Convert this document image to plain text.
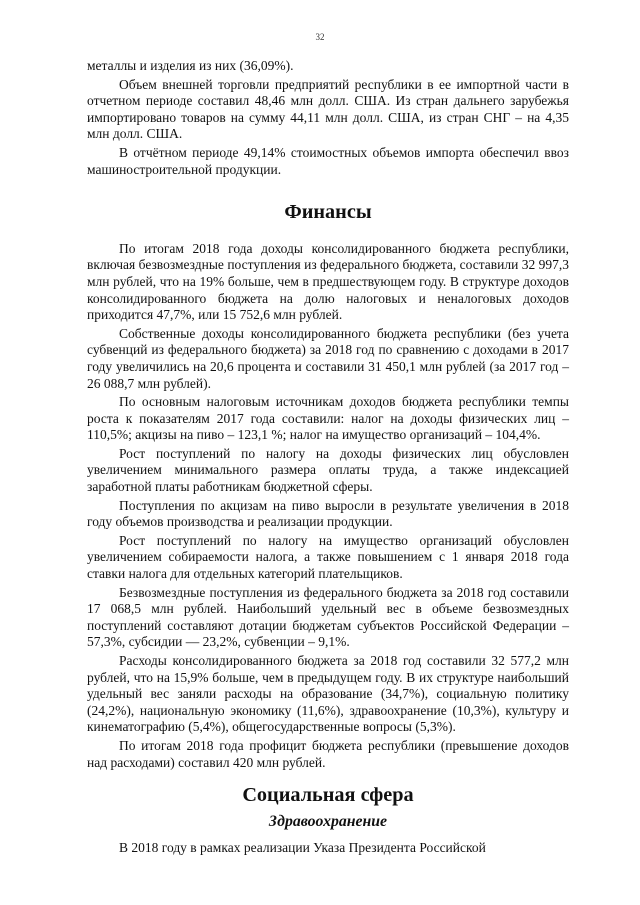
32

металлы и изделия из них (36,09%).

Объем внешней торговли предприятий республики в ее импортной части в отчетном периоде составил 48,46 млн долл. США. Из стран дальнего зарубежья импортировано товаров на сумму 44,11 млн долл. США, из стран СНГ – на 4,35 млн долл. США.

В отчётном периоде 49,14% стоимостных объемов импорта обеспечил ввоз машиностроительной продукции.

Финансы

По итогам 2018 года доходы консолидированного бюджета республики, включая безвозмездные поступления из федерального бюджета, составили 32 997,3 млн рублей, что на 19% больше, чем в предшествующем году. В структуре доходов консолидированного бюджета на долю налоговых и неналоговых доходов приходится 47,7%, или 15 752,6 млн рублей.

Собственные доходы консолидированного бюджета республики (без учета субвенций из федерального бюджета) за 2018 год по сравнению с доходами в 2017 году увеличились на 20,6 процента и составили 31 450,1 млн рублей (за 2017 год – 26 088,7 млн рублей).

По основным налоговым источникам доходов бюджета республики темпы роста к показателям 2017 года составили: налог на доходы физических лиц – 110,5%; акцизы на пиво – 123,1 %; налог на имущество организаций – 104,4%.

Рост поступлений по налогу на доходы физических лиц обусловлен увеличением минимального размера оплаты труда, а также индексацией заработной платы работникам бюджетной сферы.

Поступления по акцизам на пиво выросли в результате увеличения в 2018 году объемов производства и реализации продукции.

Рост поступлений по налогу на имущество организаций обусловлен увеличением собираемости налога, а также повышением с 1 января 2018 года ставки налога для отдельных категорий плательщиков.

Безвозмездные поступления из федерального бюджета за 2018 год составили 17 068,5 млн рублей. Наибольший удельный вес в объеме безвозмездных поступлений составляют дотации бюджетам субъектов Российской Федерации – 57,3%, субсидии — 23,2%, субвенции – 9,1%.

Расходы консолидированного бюджета за 2018 год составили 32 577,2 млн рублей, что на 15,9% больше, чем в предыдущем году. В их структуре наибольший удельный вес заняли расходы на образование (34,7%), социальную политику (24,2%), национальную экономику (11,6%), здравоохранение (10,3%), культуру и кинематографию (5,4%), общегосударственные вопросы (5,3%).

По итогам 2018 года профицит бюджета республики (превышение доходов над расходами) составил 420 млн рублей.

Социальная сфера
Здравоохранение

В 2018 году в рамках реализации Указа Президента Российской
